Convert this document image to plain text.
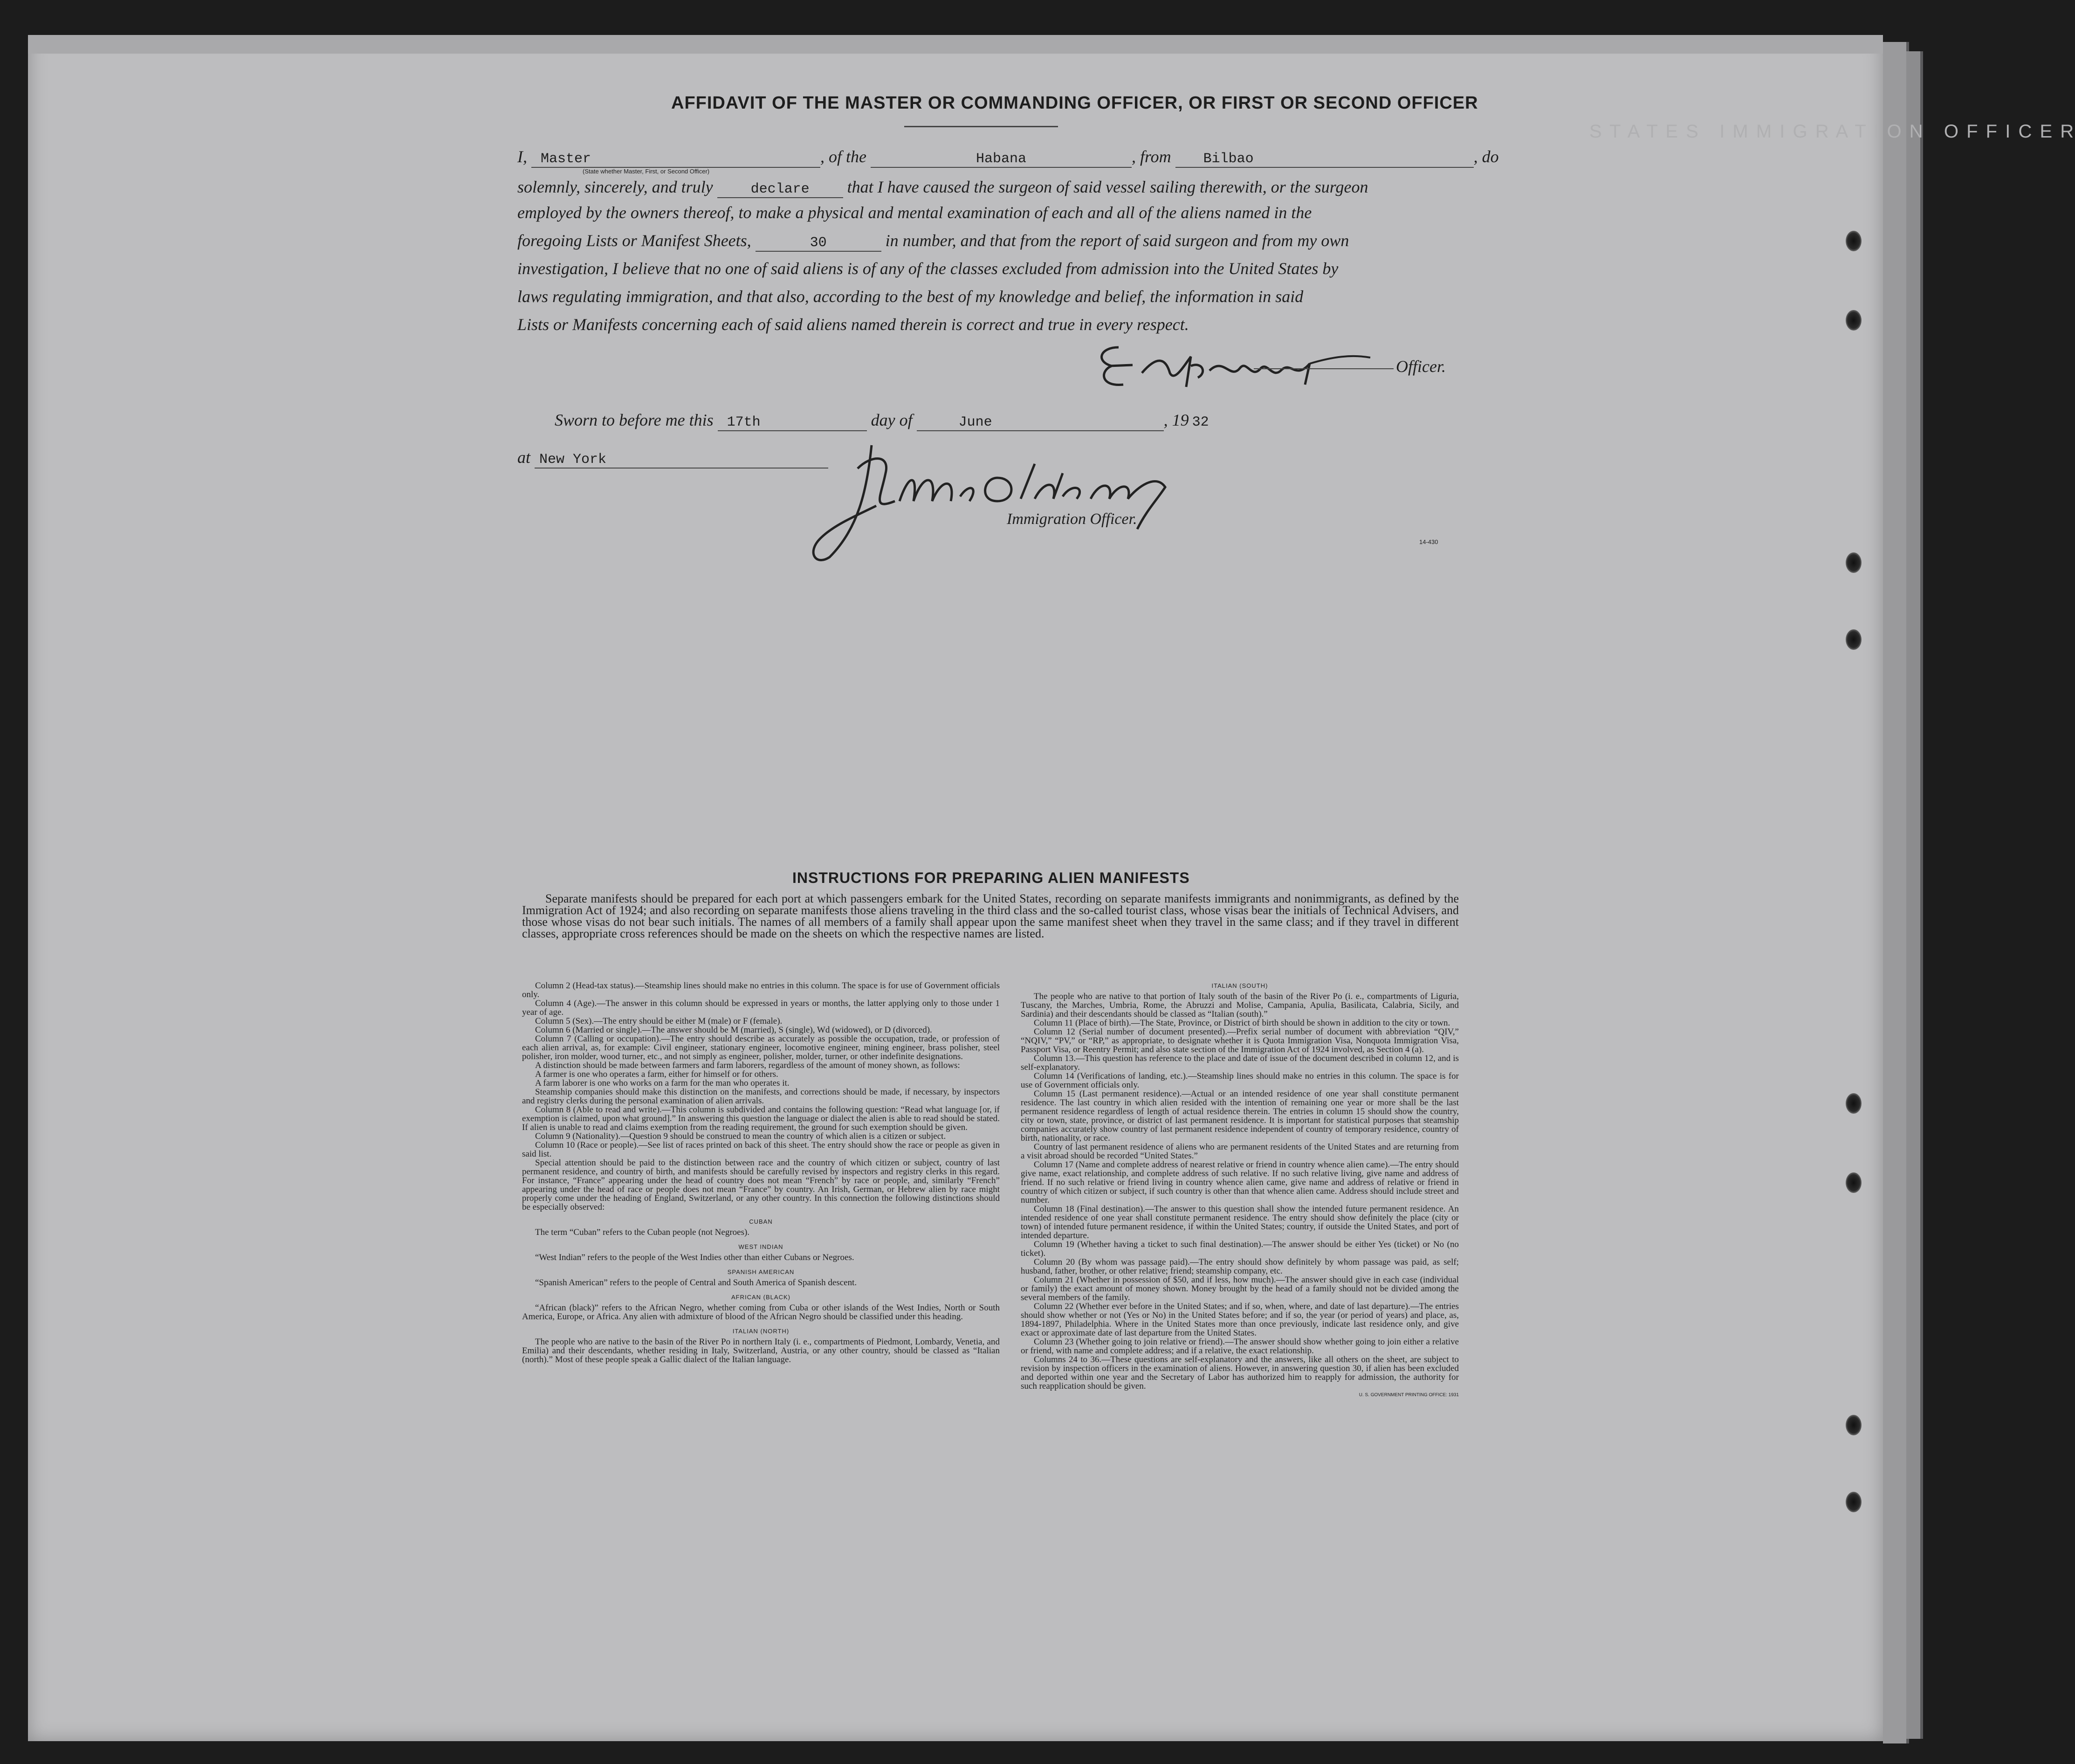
S T A T E S   I M M I G R A T I O N   O F F I C E R
AFFIDAVIT OF THE MASTER OR COMMANDING OFFICER, OR FIRST OR SECOND OFFICER
I, Master	, of the	Habana	, from Bilbao	, do
(State whether Master, First, or Second Officer)
solemnly, sincerely, and truly	declare that I have caused the surgeon of said vessel sailing therewith, or the surgeon
employed by the owners thereof, to make a physical and mental examination of each and all of the aliens named in the
foregoing Lists or Manifest Sheets,	30	in number, and that from the report of said surgeon and from my own
investigation, I believe that no one of said aliens is of any of the classes excluded from admission into the United States by
laws regulating immigration, and that also, according to the best of my knowledge and belief, the information in said
Lists or Manifests concerning each of said aliens named therein is correct and true in every respect.
Officer.
Sworn to before me this 17th	day of	June	, 19 32
at New York
Immigration Officer.
14-430
INSTRUCTIONS FOR PREPARING ALIEN MANIFESTS
Separate manifests should be prepared for each port at which passengers embark for the United States, recording on separate manifests immigrants and nonimmigrants, as defined by the Immigration Act of 1924; and also recording on separate manifests those aliens traveling in the third class and the so-called tourist class, whose visas bear the initials of Technical Advisers, and those whose visas do not bear such initials. The names of all members of a family shall appear upon the same manifest sheet when they travel in the same class; and if they travel in different classes, appropriate cross references should be made on the sheets on which the respective names are listed.

Column 2 (Head-tax status).—Steamship lines should make no entries in this column. The space is for use of Government officials only.

Column 4 (Age).—The answer in this column should be expressed in years or months, the latter applying only to those under 1 year of age.

Column 5 (Sex).—The entry should be either M (male) or F (female).

Column 6 (Married or single).—The answer should be M (married), S (single), Wd (widowed), or D (divorced).

Column 7 (Calling or occupation).—The entry should describe as accurately as possible the occupation, trade, or profession of each alien arrival, as, for example: Civil engineer, stationary engineer, locomotive engineer, mining engineer, brass polisher, steel polisher, iron molder, wood turner, etc., and not simply as engineer, polisher, molder, turner, or other indefinite designations.

A distinction should be made between farmers and farm laborers, regardless of the amount of money shown, as follows:

A farmer is one who operates a farm, either for himself or for others.

A farm laborer is one who works on a farm for the man who operates it.

Steamship companies should make this distinction on the manifests, and corrections should be made, if necessary, by inspectors and registry clerks during the personal examination of alien arrivals.

Column 8 (Able to read and write).—This column is subdivided and contains the following question: “Read what language [or, if exemption is claimed, upon what ground].” In answering this question the language or dialect the alien is able to read should be stated. If alien is unable to read and claims exemption from the reading requirement, the ground for such exemption should be given.

Column 9 (Nationality).—Question 9 should be construed to mean the country of which alien is a citizen or subject.

Column 10 (Race or people).—See list of races printed on back of this sheet. The entry should show the race or people as given in said list.

Special attention should be paid to the distinction between race and the country of which citizen or subject, country of last permanent residence, and country of birth, and manifests should be carefully revised by inspectors and registry clerks in this regard. For instance, “France” appearing under the head of country does not mean “French” by race or people, and, similarly “French” appearing under the head of race or people does not mean “France” by country. An Irish, German, or Hebrew alien by race might properly come under the heading of England, Switzerland, or any other country. In this connection the following distinctions should be especially observed:

CUBAN

The term “Cuban” refers to the Cuban people (not Negroes).

WEST INDIAN

“West Indian” refers to the people of the West Indies other than either Cubans or Negroes.

SPANISH AMERICAN

“Spanish American” refers to the people of Central and South America of Spanish descent.

AFRICAN (BLACK)

“African (black)” refers to the African Negro, whether coming from Cuba or other islands of the West Indies, North or South America, Europe, or Africa. Any alien with admixture of blood of the African Negro should be classified under this heading.

ITALIAN (NORTH)

The people who are native to the basin of the River Po in northern Italy (i. e., compartments of Piedmont, Lombardy, Venetia, and Emilia) and their descendants, whether residing in Italy, Switzerland, Austria, or any other country, should be classed as “Italian (north).” Most of these people speak a Gallic dialect of the Italian language.

ITALIAN (SOUTH)

The people who are native to that portion of Italy south of the basin of the River Po (i. e., compartments of Liguria, Tuscany, the Marches, Umbria, Rome, the Abruzzi and Molise, Campania, Apulia, Basilicata, Calabria, Sicily, and Sardinia) and their descendants should be classed as “Italian (south).”

Column 11 (Place of birth).—The State, Province, or District of birth should be shown in addition to the city or town.

Column 12 (Serial number of document presented).—Prefix serial number of document with abbreviation “QIV,” “NQIV,” “PV,” or “RP,” as appropriate, to designate whether it is Quota Immigration Visa, Nonquota Immigration Visa, Passport Visa, or Reentry Permit; and also state section of the Immigration Act of 1924 involved, as Section 4 (a).

Column 13.—This question has reference to the place and date of issue of the document described in column 12, and is self-explanatory.

Column 14 (Verifications of landing, etc.).—Steamship lines should make no entries in this column. The space is for use of Government officials only.

Column 15 (Last permanent residence).—Actual or an intended residence of one year shall constitute permanent residence. The last country in which alien resided with the intention of remaining one year or more shall be the last permanent residence regardless of length of actual residence therein. The entries in column 15 should show the country, city or town, state, province, or district of last permanent residence. It is important for statistical purposes that steamship companies accurately show country of last permanent residence independent of country of temporary residence, country of birth, nationality, or race.

Country of last permanent residence of aliens who are permanent residents of the United States and are returning from a visit abroad should be recorded “United States.”

Column 17 (Name and complete address of nearest relative or friend in country whence alien came).—The entry should give name, exact relationship, and complete address of such relative. If no such relative living, give name and address of friend. If no such relative or friend living in country whence alien came, give name and address of relative or friend in country of which citizen or subject, if such country is other than that whence alien came. Address should include street and number.

Column 18 (Final destination).—The answer to this question shall show the intended future permanent residence. An intended residence of one year shall constitute permanent residence. The entry should show definitely the place (city or town) of intended future permanent residence, if within the United States; country, if outside the United States, and port of intended departure.

Column 19 (Whether having a ticket to such final destination).—The answer should be either Yes (ticket) or No (no ticket).

Column 20 (By whom was passage paid).—The entry should show definitely by whom passage was paid, as self; husband, father, brother, or other relative; friend; steamship company, etc.

Column 21 (Whether in possession of $50, and if less, how much).—The answer should give in each case (individual or family) the exact amount of money shown. Money brought by the head of a family should not be divided among the several members of the family.

Column 22 (Whether ever before in the United States; and if so, when, where, and date of last departure).—The entries should show whether or not (Yes or No) in the United States before; and if so, the year (or period of years) and place, as, 1894-1897, Philadelphia. Where in the United States more than once previously, indicate last residence only, and give exact or approximate date of last departure from the United States.

Column 23 (Whether going to join relative or friend).—The answer should show whether going to join either a relative or friend, with name and complete address; and if a relative, the exact relationship.

Columns 24 to 36.—These questions are self-explanatory and the answers, like all others on the sheet, are subject to revision by inspection officers in the examination of aliens. However, in answering question 30, if alien has been excluded and deported within one year and the Secretary of Labor has authorized him to reapply for admission, the authority for such reapplication should be given.

U. S. GOVERNMENT PRINTING OFFICE: 1931
